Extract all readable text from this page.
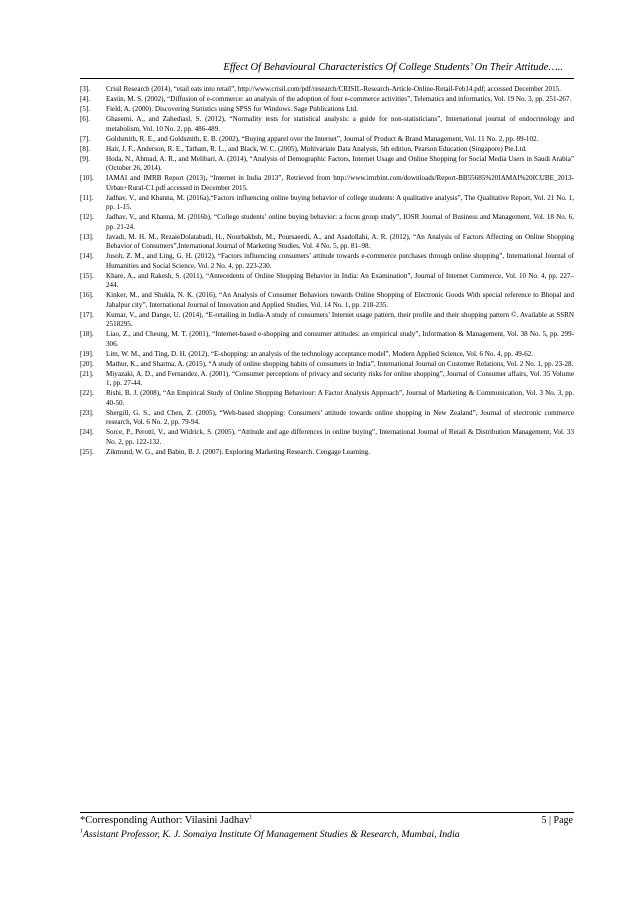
Effect Of Behavioural Characteristics Of College Students’ On Their Attitude…..
[3].	Crisil Research (2014), “etail eats into retail”, http://www.crisil.com/pdf/research/CRISIL-Research-Article-Online-Retail-Feb14.pdf; accessed December 2015.
[4].	Eastin, M. S. (2002), “Diffusion of e-commerce: an analysis of the adoption of four e-commerce activities”, Telematics and informatics, Vol. 19 No. 3, pp. 251-267.
[5].	Field, A. (2000). Discovering Statistics using SPSS for Windows. Sage Publications Ltd.
[6].	Ghasemi, A., and Zahediasl, S. (2012), “Normality tests for statistical analysis: a guide for non-statisticians”, International journal of endocrinology and metabolism, Vol. 10 No. 2, pp. 486-489.
[7].	Goldsmith, R. E., and Goldsmith, E. B. (2002), “Buying apparel over the Internet”, Journal of Product & Brand Management, Vol. 11 No. 2, pp. 89-102.
[8].	Hair, J. F., Anderson, R. E., Tatham, R. L., and Black, W. C. (2005), Multivariate Data Analysis, 5th edition, Pearson Education (Singapore) Pte.Ltd.
[9].	Hoda, N., Ahmad, A. R., and Melibari, A. (2014), “Analysis of Demographic Factors, Internet Usage and Online Shopping for Social Media Users in Saudi Arabia” (October 26, 2014).
[10].	IAMAI and IMRB Report (2013), “Internet in India 2013”, Retrieved from http://www.imrbint.com/downloads/Report-BB55685%20IAMAI%20ICUBE_2013-Urban+Rural-C1.pdf accessed in December 2015.
[11].	Jadhav, V., and Khanna, M. (2016a),“Factors influencing online buying behavior of college students: A qualitative analysis”, The Qualitative Report, Vol. 21 No. 1, pp. 1-15.
[12].	Jadhav, V., and Khanna, M. (2016b), “College students’ online buying behavior: a focus group study”, IOSR Journal of Business and Management, Vol. 18 No. 6, pp. 21-24.
[13].	Javadi, M. H. M., RezaieDolatabadi, H., Nourbakhsh, M., Poursaeedi, A., and Asadollahi, A. R. (2012), “An Analysis of Factors Affecting on Online Shopping Behavior of Consumers”,International Journal of Marketing Studies, Vol. 4 No. 5, pp. 81–98.
[14].	Jusoh, Z. M., and Ling, G. H. (2012), “Factors influencing consumers’ attitude towards e-commerce purchases through online shopping”, International Journal of Humanities and Social Science, Vol. 2 No. 4, pp. 223-230.
[15].	Khare, A., and Rakesh, S. (2011), “Antecedents of Online Shopping Behavior in India: An Examination”, Journal of Internet Commerce, Vol. 10 No. 4, pp. 227–244.
[16].	Kinker, M., and Shukla, N. K. (2016), “An Analysis of Consumer Behaviors towards Online Shopping of Electronic Goods With special reference to Bhopal and Jabalpur city”, International Journal of Innovation and Applied Studies, Vol. 14 No. 1, pp. 218-235.
[17].	Kumar, V., and Dange, U. (2014), “E-retailing in India-A study of consumers’ Internet usage pattern, their profile and their shopping pattern ©. Available at SSRN 2518295.
[18].	Liao, Z., and Cheung, M. T. (2001), “Internet-based e-shopping and consumer attitudes: an empirical study”, Information & Management, Vol. 38 No. 5, pp. 299-306.
[19].	Lim, W. M., and Ting, D. H. (2012), “E-shopping: an analysis of the technology acceptance model”, Modern Applied Science, Vol. 6 No. 4, pp. 49-62.
[20].	Mathur, K., and Sharma, A. (2015), “A study of online shopping habits of consumers in India”, International Journal on Customer Relations, Vol. 2 No. 1, pp. 23-28.
[21].	Miyazaki, A. D., and Fernandez, A. (2001), “Consumer perceptions of privacy and security risks for online shopping”, Journal of Consumer affairs, Vol. 35 Volume 1, pp. 27-44.
[22].	Rishi, B. J. (2008), “An Empirical Study of Online Shopping Behaviour: A Factor Analysis Approach”, Journal of Marketing & Communication, Vol. 3 No. 3, pp. 40-50.
[23].	Shergill, G. S., and Chen, Z. (2005), “Web-based shopping: Consumers’ attitude towards online shopping in New Zealand”, Journal of electronic commerce research, Vol. 6 No. 2, pp. 79-94.
[24].	Sorce, P., Perotti, V., and Widrick, S. (2005), “Attitude and age differences in online buying”, International Journal of Retail & Distribution Management, Vol. 33 No. 2, pp. 122-132.
[25].	Zikmund, W. G., and Babin, B. J. (2007). Exploring Marketing Research. Cengage Learning.
*Corresponding Author: Vilasini Jadhav$^1$	5 | Page
$^1$Assistant Professor, K. J. Somaiya Institute Of Management Studies & Research, Mumbai, India
